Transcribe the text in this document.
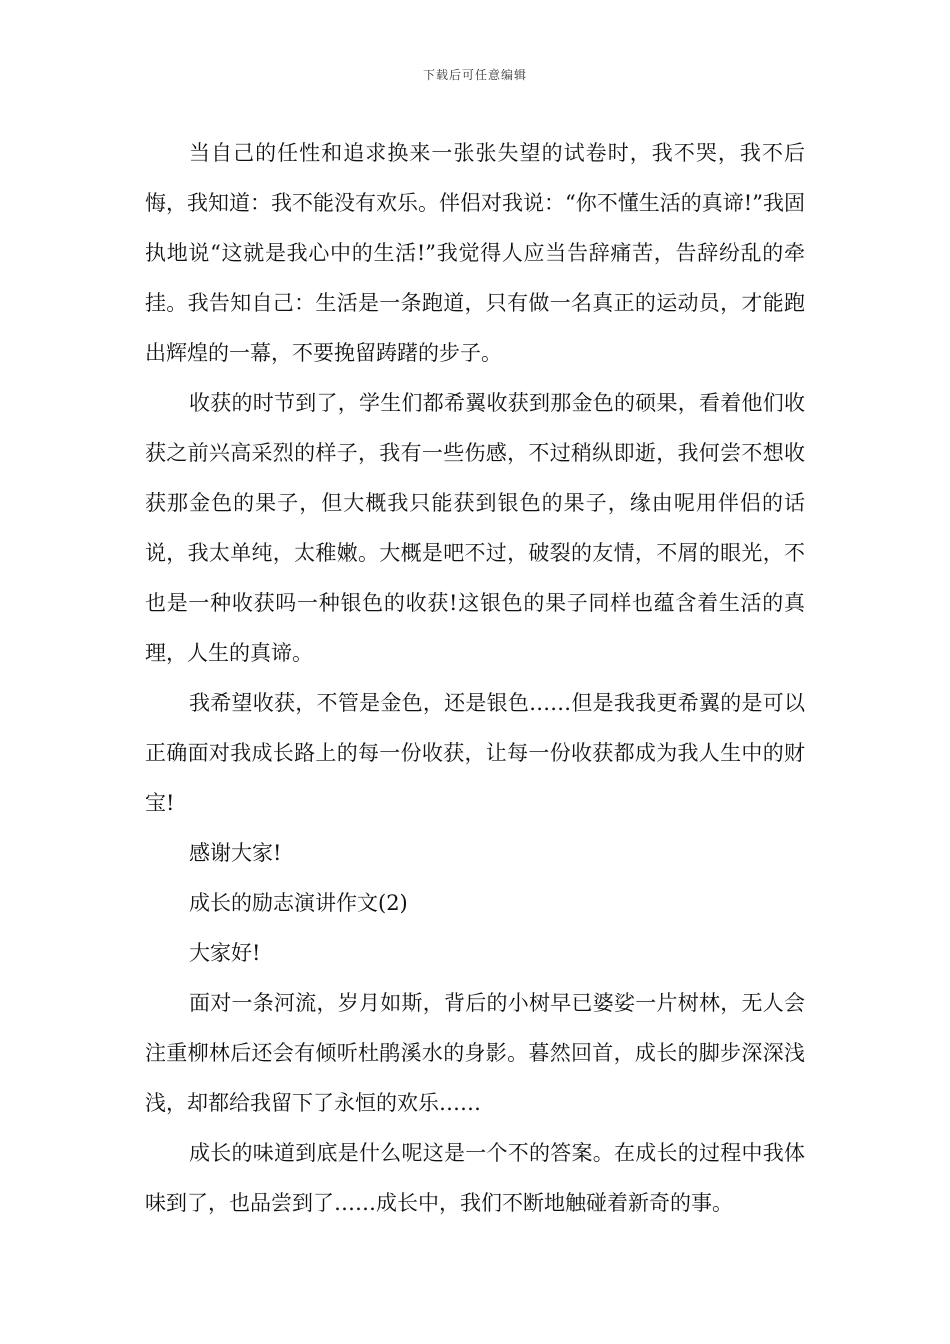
下载后可任意编辑

当自己的任性和追求换来一张张失望的试卷时，我不哭，我不后悔，我知道：我不能没有欢乐。伴侣对我说：“你不懂生活的真谛!”我固执地说“这就是我心中的生活!”我觉得人应当告辞痛苦，告辞纷乱的牵挂。我告知自己：生活是一条跑道，只有做一名真正的运动员，才能跑出辉煌的一幕，不要挽留踌躇的步子。

收获的时节到了，学生们都希翼收获到那金色的硕果，看着他们收获之前兴高采烈的样子，我有一些伤感，不过稍纵即逝，我何尝不想收获那金色的果子，但大概我只能获到银色的果子，缘由呢用伴侣的话说，我太单纯，太稚嫩。大概是吧不过，破裂的友情，不屑的眼光，不也是一种收获吗一种银色的收获!这银色的果子同样也蕴含着生活的真理，人生的真谛。

我希望收获，不管是金色，还是银色……但是我我更希翼的是可以正确面对我成长路上的每一份收获，让每一份收获都成为我人生中的财宝!

感谢大家!

成长的励志演讲作文(2)

大家好!

面对一条河流，岁月如斯，背后的小树早已婆娑一片树林，无人会注重柳林后还会有倾听杜鹃溪水的身影。暮然回首，成长的脚步深深浅浅，却都给我留下了永恒的欢乐……

成长的味道到底是什么呢这是一个不的答案。在成长的过程中我体味到了，也品尝到了……成长中，我们不断地触碰着新奇的事。
